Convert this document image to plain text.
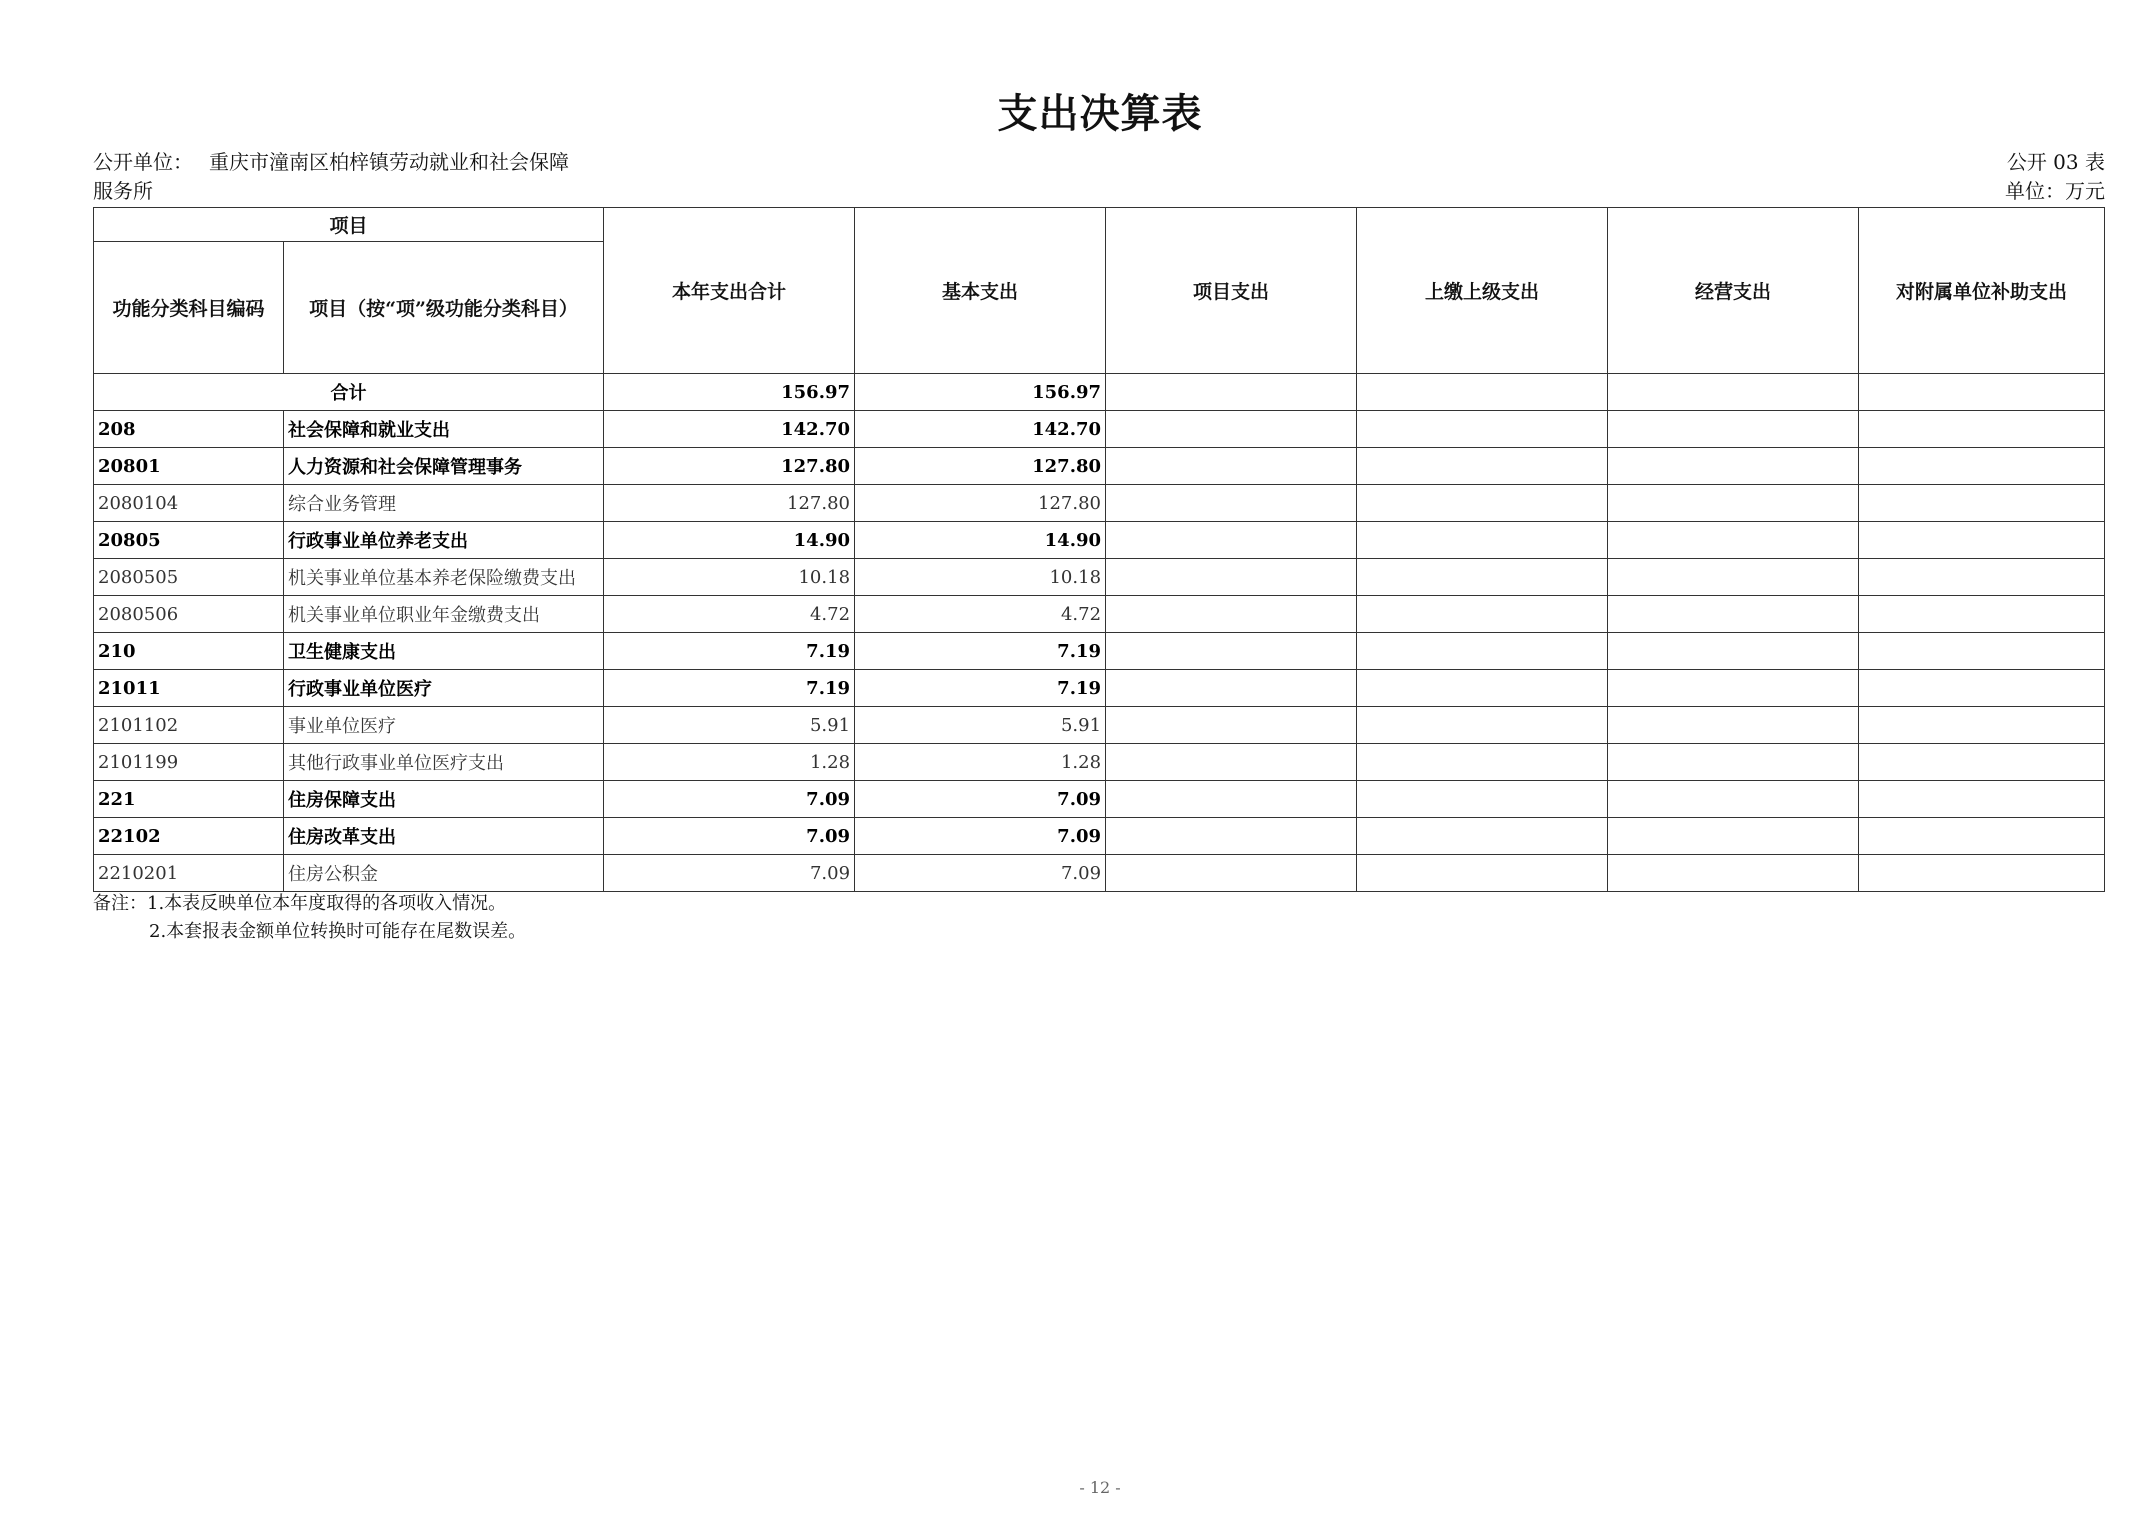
支出决算表
公开单位： 重庆市潼南区柏梓镇劳动就业和社会保障
服务所
公开 03 表
单位：万元
项目		本年支出合计	基本支出	项目支出	上缴上级支出	经营支出	对附属单位补助支出
功能分类科目编码	项目（按“项”级功能分类科目）						
合计		156.97	156.97				
208	社会保障和就业支出	142.70	142.70				
20801	人力资源和社会保障管理事务	127.80	127.80				
2080104	综合业务管理	127.80	127.80				
20805	行政事业单位养老支出	14.90	14.90				
2080505	机关事业单位基本养老保险缴费支出	10.18	10.18				
2080506	机关事业单位职业年金缴费支出	4.72	4.72				
210	卫生健康支出	7.19	7.19				
21011	行政事业单位医疗	7.19	7.19				
2101102	事业单位医疗	5.91	5.91				
2101199	其他行政事业单位医疗支出	1.28	1.28				
221	住房保障支出	7.09	7.09				
22102	住房改革支出	7.09	7.09				
2210201	住房公积金	7.09	7.09				
备注：1.本表反映单位本年度取得的各项收入情况。
2.本套报表金额单位转换时可能存在尾数误差。
- 12 -
